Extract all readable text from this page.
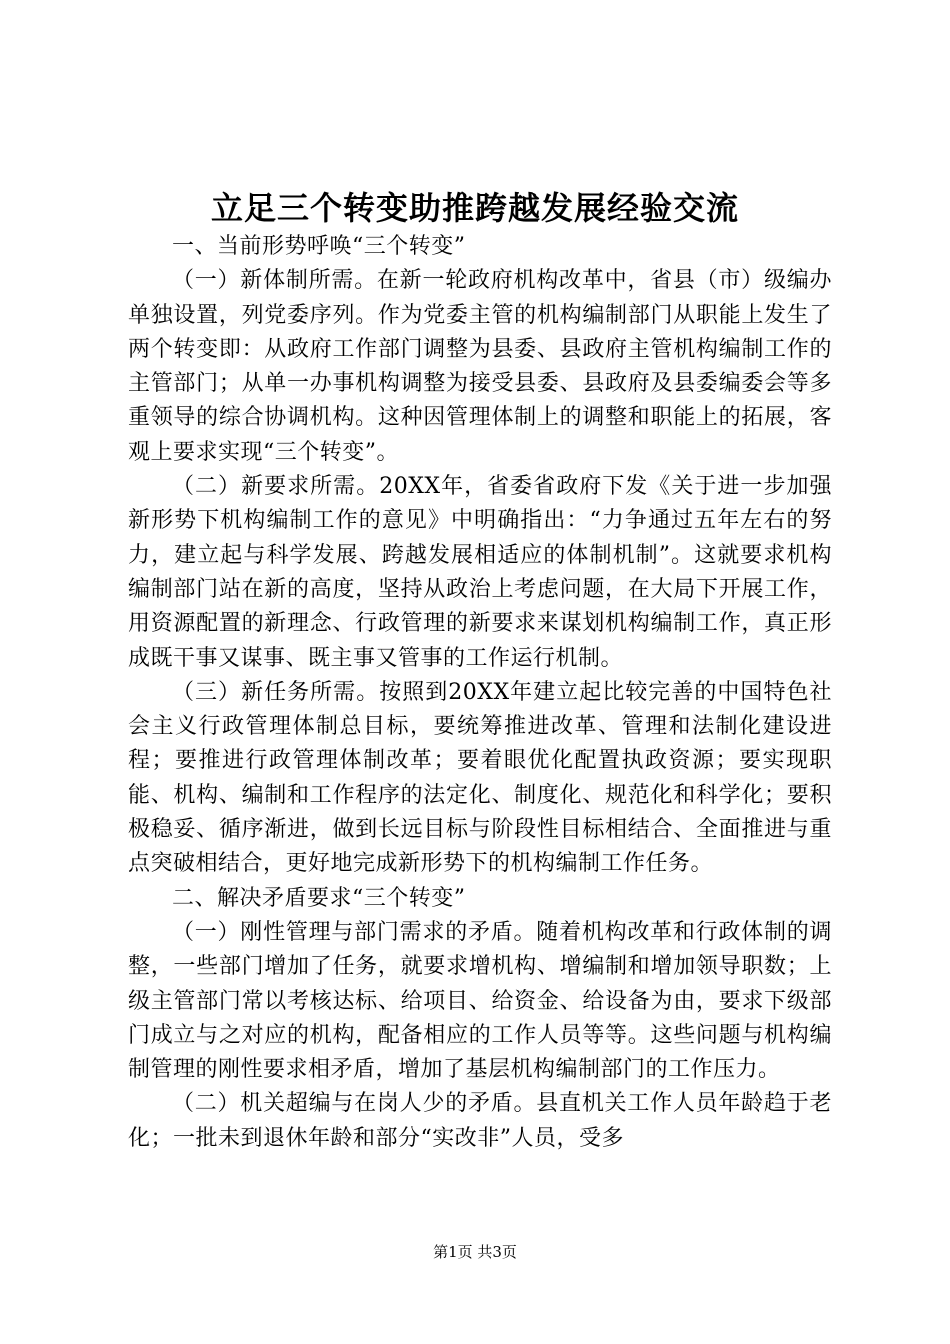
立足三个转变助推跨越发展经验交流

一、当前形势呼唤“三个转变”

（一）新体制所需。在新一轮政府机构改革中，省县（市）级编办单独设置，列党委序列。作为党委主管的机构编制部门从职能上发生了两个转变即：从政府工作部门调整为县委、县政府主管机构编制工作的主管部门；从单一办事机构调整为接受县委、县政府及县委编委会等多重领导的综合协调机构。这种因管理体制上的调整和职能上的拓展，客观上要求实现“三个转变”。

（二）新要求所需。20XX年，省委省政府下发《关于进一步加强新形势下机构编制工作的意见》中明确指出：“力争通过五年左右的努力，建立起与科学发展、跨越发展相适应的体制机制”。这就要求机构编制部门站在新的高度，坚持从政治上考虑问题，在大局下开展工作，用资源配置的新理念、行政管理的新要求来谋划机构编制工作，真正形成既干事又谋事、既主事又管事的工作运行机制。

（三）新任务所需。按照到20XX年建立起比较完善的中国特色社会主义行政管理体制总目标，要统筹推进改革、管理和法制化建设进程；要推进行政管理体制改革；要着眼优化配置执政资源；要实现职能、机构、编制和工作程序的法定化、制度化、规范化和科学化；要积极稳妥、循序渐进，做到长远目标与阶段性目标相结合、全面推进与重点突破相结合，更好地完成新形势下的机构编制工作任务。

二、解决矛盾要求“三个转变”

（一）刚性管理与部门需求的矛盾。随着机构改革和行政体制的调整，一些部门增加了任务，就要求增机构、增编制和增加领导职数；上级主管部门常以考核达标、给项目、给资金、给设备为由，要求下级部门成立与之对应的机构，配备相应的工作人员等等。这些问题与机构编制管理的刚性要求相矛盾，增加了基层机构编制部门的工作压力。

（二）机关超编与在岗人少的矛盾。县直机关工作人员年龄趋于老化；一批未到退休年龄和部分“实改非”人员，受多

第1页 共3页
